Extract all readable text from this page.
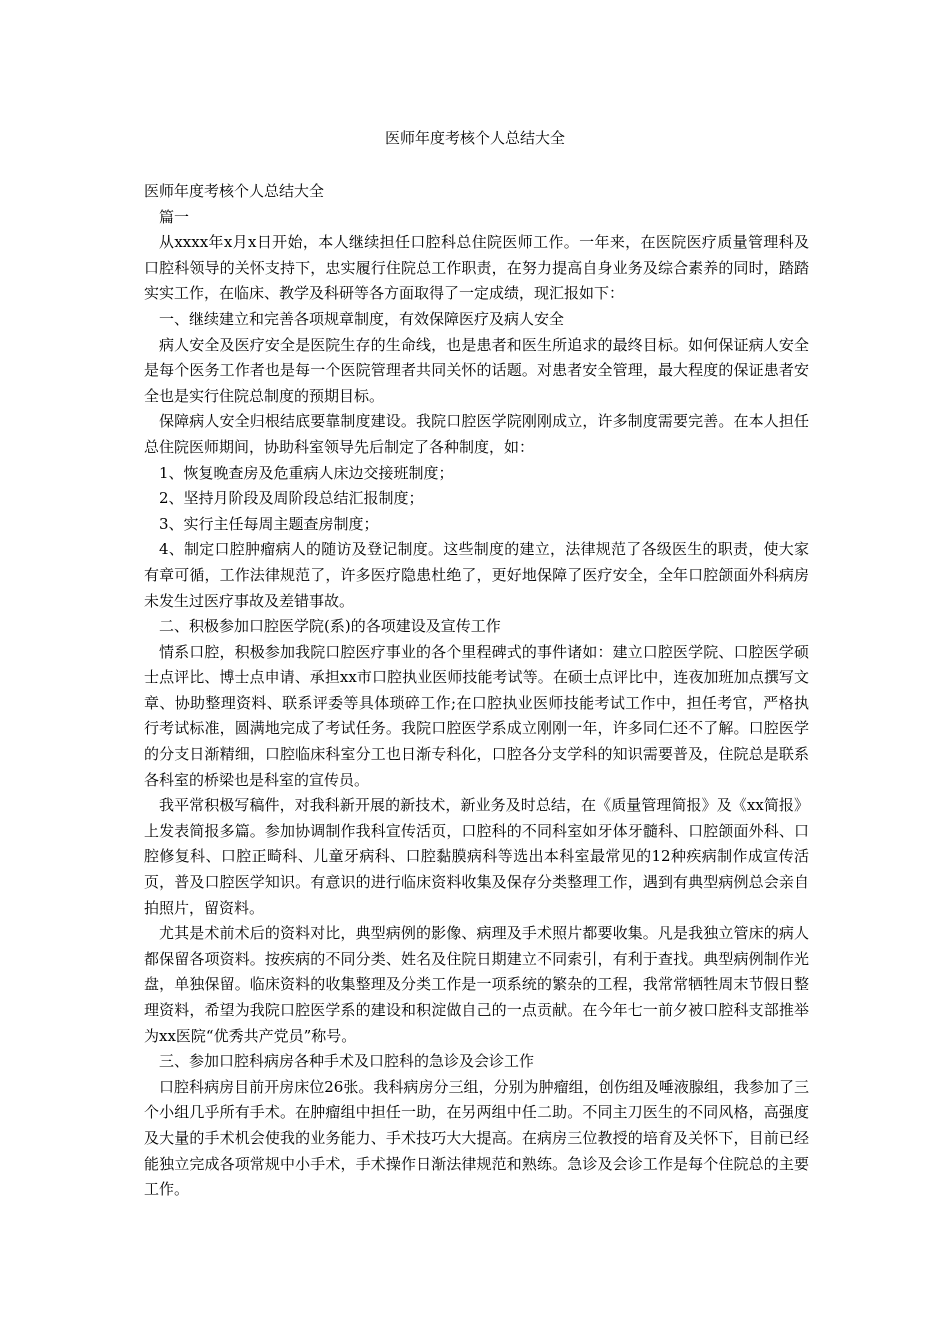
医师年度考核个人总结大全

医师年度考核个人总结大全

篇一

从xxxx年x月x日开始，本人继续担任口腔科总住院医师工作。一年来，在医院医疗质量管理科及口腔科领导的关怀支持下，忠实履行住院总工作职责，在努力提高自身业务及综合素养的同时，踏踏实实工作，在临床、教学及科研等各方面取得了一定成绩，现汇报如下：

一、继续建立和完善各项规章制度，有效保障医疗及病人安全

病人安全及医疗安全是医院生存的生命线，也是患者和医生所追求的最终目标。如何保证病人安全是每个医务工作者也是每一个医院管理者共同关怀的话题。对患者安全管理，最大程度的保证患者安全也是实行住院总制度的预期目标。

保障病人安全归根结底要靠制度建设。我院口腔医学院刚刚成立，许多制度需要完善。在本人担任总住院医师期间，协助科室领导先后制定了各种制度，如：

1、恢复晚查房及危重病人床边交接班制度；

2、坚持月阶段及周阶段总结汇报制度；

3、实行主任每周主题查房制度；

4、制定口腔肿瘤病人的随访及登记制度。这些制度的建立，法律规范了各级医生的职责，使大家有章可循，工作法律规范了，许多医疗隐患杜绝了，更好地保障了医疗安全，全年口腔颌面外科病房未发生过医疗事故及差错事故。

二、积极参加口腔医学院(系)的各项建设及宣传工作

情系口腔，积极参加我院口腔医疗事业的各个里程碑式的事件诸如：建立口腔医学院、口腔医学硕士点评比、博士点申请、承担xx市口腔执业医师技能考试等。在硕士点评比中，连夜加班加点撰写文章、协助整理资料、联系评委等具体琐碎工作;在口腔执业医师技能考试工作中，担任考官，严格执行考试标准，圆满地完成了考试任务。我院口腔医学系成立刚刚一年，许多同仁还不了解。口腔医学的分支日渐精细，口腔临床科室分工也日渐专科化，口腔各分支学科的知识需要普及，住院总是联系各科室的桥梁也是科室的宣传员。

我平常积极写稿件，对我科新开展的新技术，新业务及时总结，在《质量管理简报》及《xx简报》上发表简报多篇。参加协调制作我科宣传活页，口腔科的不同科室如牙体牙髓科、口腔颌面外科、口腔修复科、口腔正畸科、儿童牙病科、口腔黏膜病科等选出本科室最常见的12种疾病制作成宣传活页，普及口腔医学知识。有意识的进行临床资料收集及保存分类整理工作，遇到有典型病例总会亲自拍照片，留资料。

尤其是术前术后的资料对比，典型病例的影像、病理及手术照片都要收集。凡是我独立管床的病人都保留各项资料。按疾病的不同分类、姓名及住院日期建立不同索引，有利于查找。典型病例制作光盘，单独保留。临床资料的收集整理及分类工作是一项系统的繁杂的工程，我常常牺牲周末节假日整理资料，希望为我院口腔医学系的建设和积淀做自己的一点贡献。在今年七一前夕被口腔科支部推举为xx医院“优秀共产党员”称号。

三、参加口腔科病房各种手术及口腔科的急诊及会诊工作

口腔科病房目前开房床位26张。我科病房分三组，分别为肿瘤组，创伤组及唾液腺组，我参加了三个小组几乎所有手术。在肿瘤组中担任一助，在另两组中任二助。不同主刀医生的不同风格，高强度及大量的手术机会使我的业务能力、手术技巧大大提高。在病房三位教授的培育及关怀下，目前已经能独立完成各项常规中小手术，手术操作日渐法律规范和熟练。急诊及会诊工作是每个住院总的主要工作。
